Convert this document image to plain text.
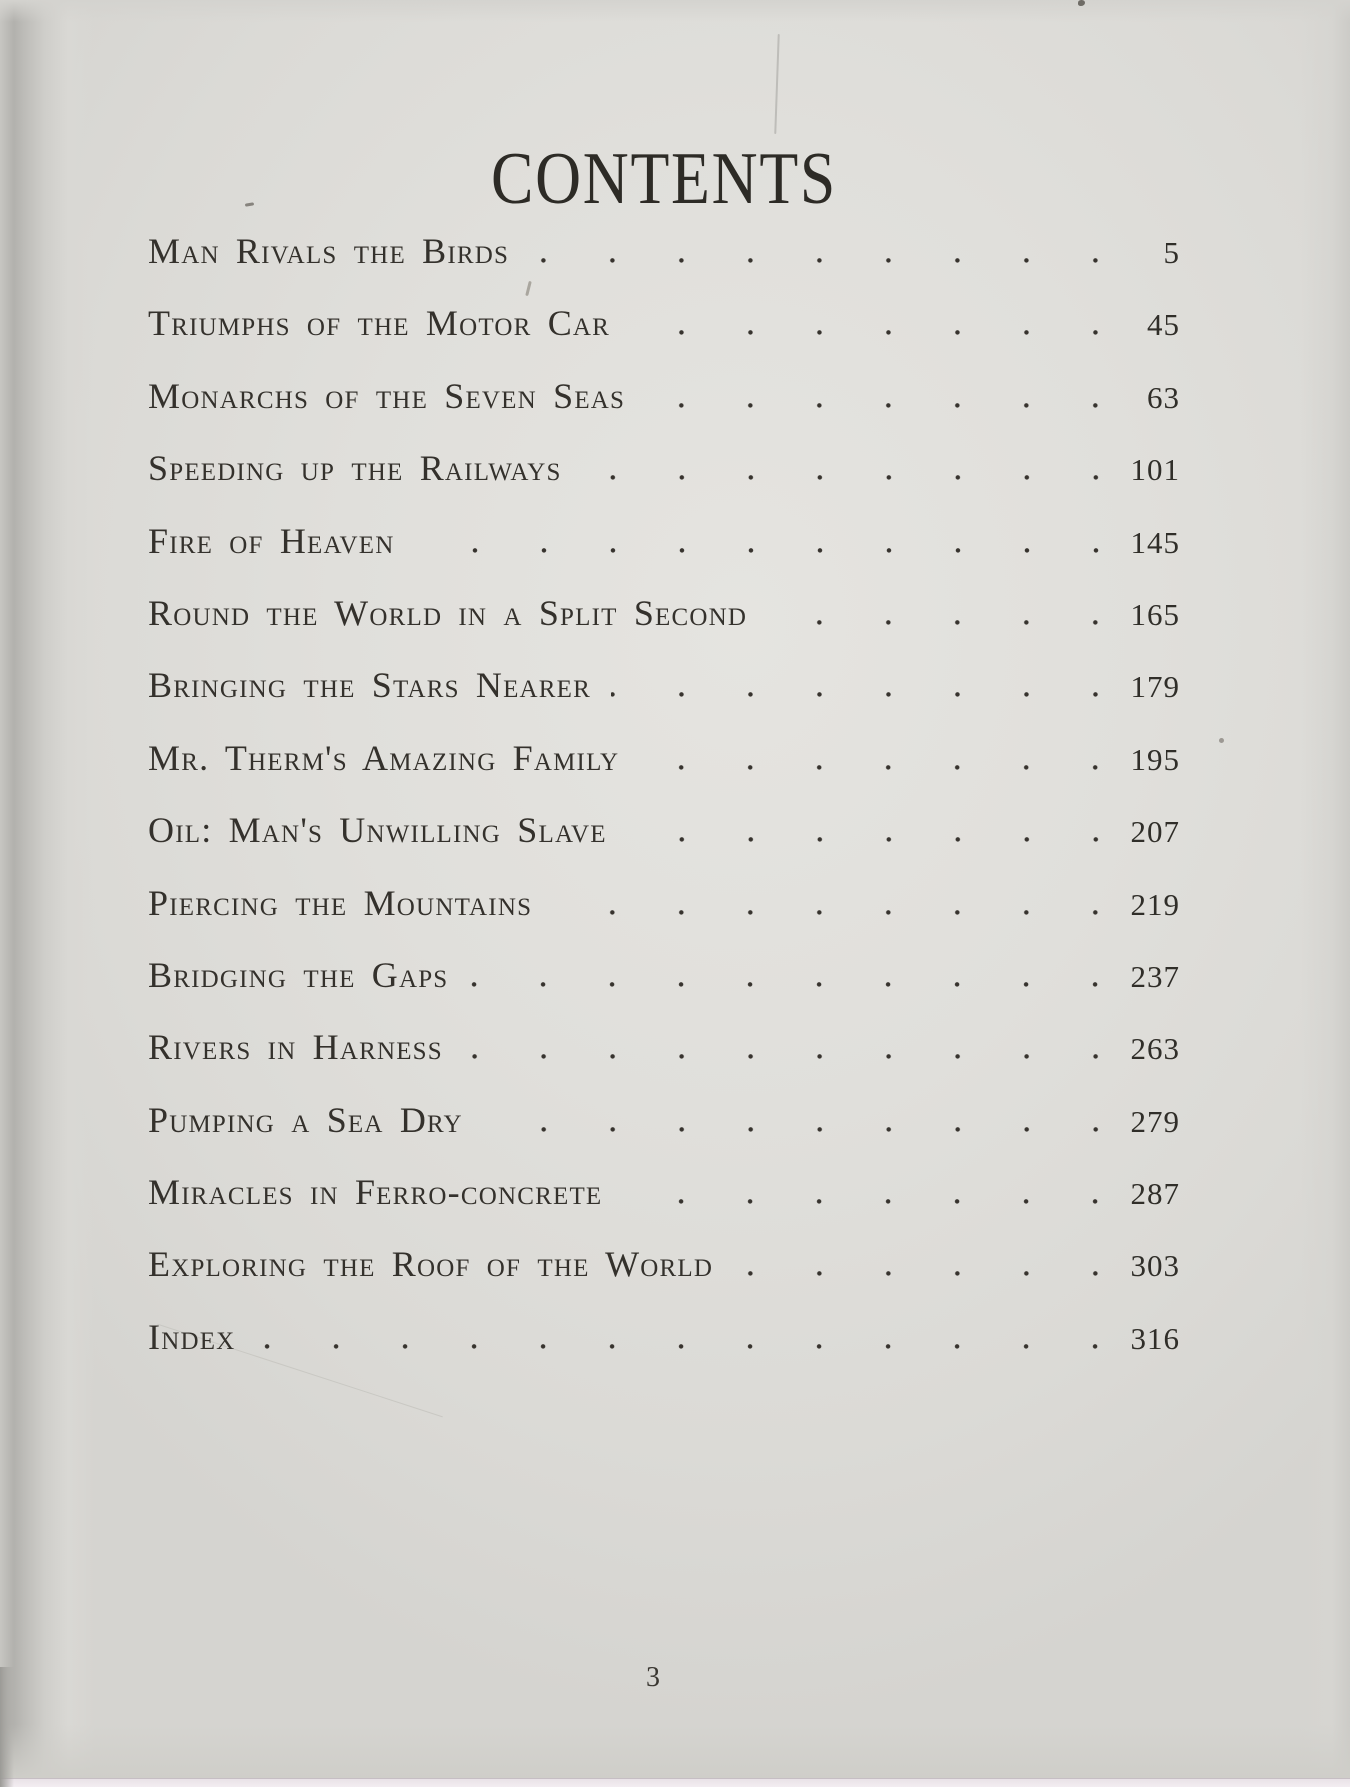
CONTENTS
Man Rivals the Birds	5
Triumphs of the Motor Car	45
Monarchs of the Seven Seas	63
Speeding up the Railways	101
Fire of Heaven	145
Round the World in a Split Second	165
Bringing the Stars Nearer	179
Mr. Therm's Amazing Family	195
Oil: Man's Unwilling Slave	207
Piercing the Mountains	219
Bridging the Gaps	237
Rivers in Harness	263
Pumping a Sea Dry	279
Miracles in Ferro-concrete	287
Exploring the Roof of the World	303
Index	316
3
